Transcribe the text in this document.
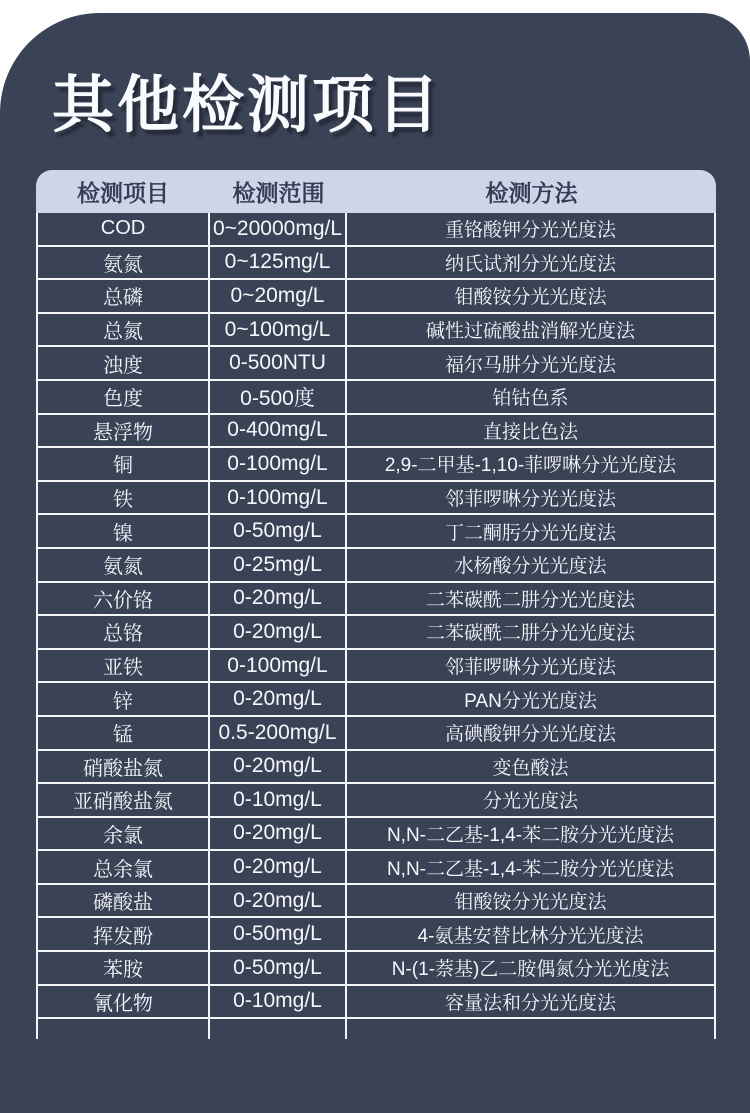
其他检测项目
检测项目	检测范围	检测方法
COD	0~20000mg/L	重铬酸钾分光光度法
氨氮	0~125mg/L	纳氏试剂分光光度法
总磷	0~20mg/L	钼酸铵分光光度法
总氮	0~100mg/L	碱性过硫酸盐消解光度法
浊度	0-500NTU	福尔马肼分光光度法
色度	0-500度	铂钴色系
悬浮物	0-400mg/L	直接比色法
铜	0-100mg/L	2,9-二甲基-1,10-菲啰啉分光光度法
铁	0-100mg/L	邻菲啰啉分光光度法
镍	0-50mg/L	丁二酮肟分光光度法
氨氮	0-25mg/L	水杨酸分光光度法
六价铬	0-20mg/L	二苯碳酰二肼分光光度法
总铬	0-20mg/L	二苯碳酰二肼分光光度法
亚铁	0-100mg/L	邻菲啰啉分光光度法
锌	0-20mg/L	PAN分光光度法
锰	0.5-200mg/L	高碘酸钾分光光度法
硝酸盐氮	0-20mg/L	变色酸法
亚硝酸盐氮	0-10mg/L	分光光度法
余氯	0-20mg/L	N,N-二乙基-1,4-苯二胺分光光度法
总余氯	0-20mg/L	N,N-二乙基-1,4-苯二胺分光光度法
磷酸盐	0-20mg/L	钼酸铵分光光度法
挥发酚	0-50mg/L	4-氨基安替比林分光光度法
苯胺	0-50mg/L	N-(1-萘基)乙二胺偶氮分光光度法
氰化物	0-10mg/L	容量法和分光光度法
